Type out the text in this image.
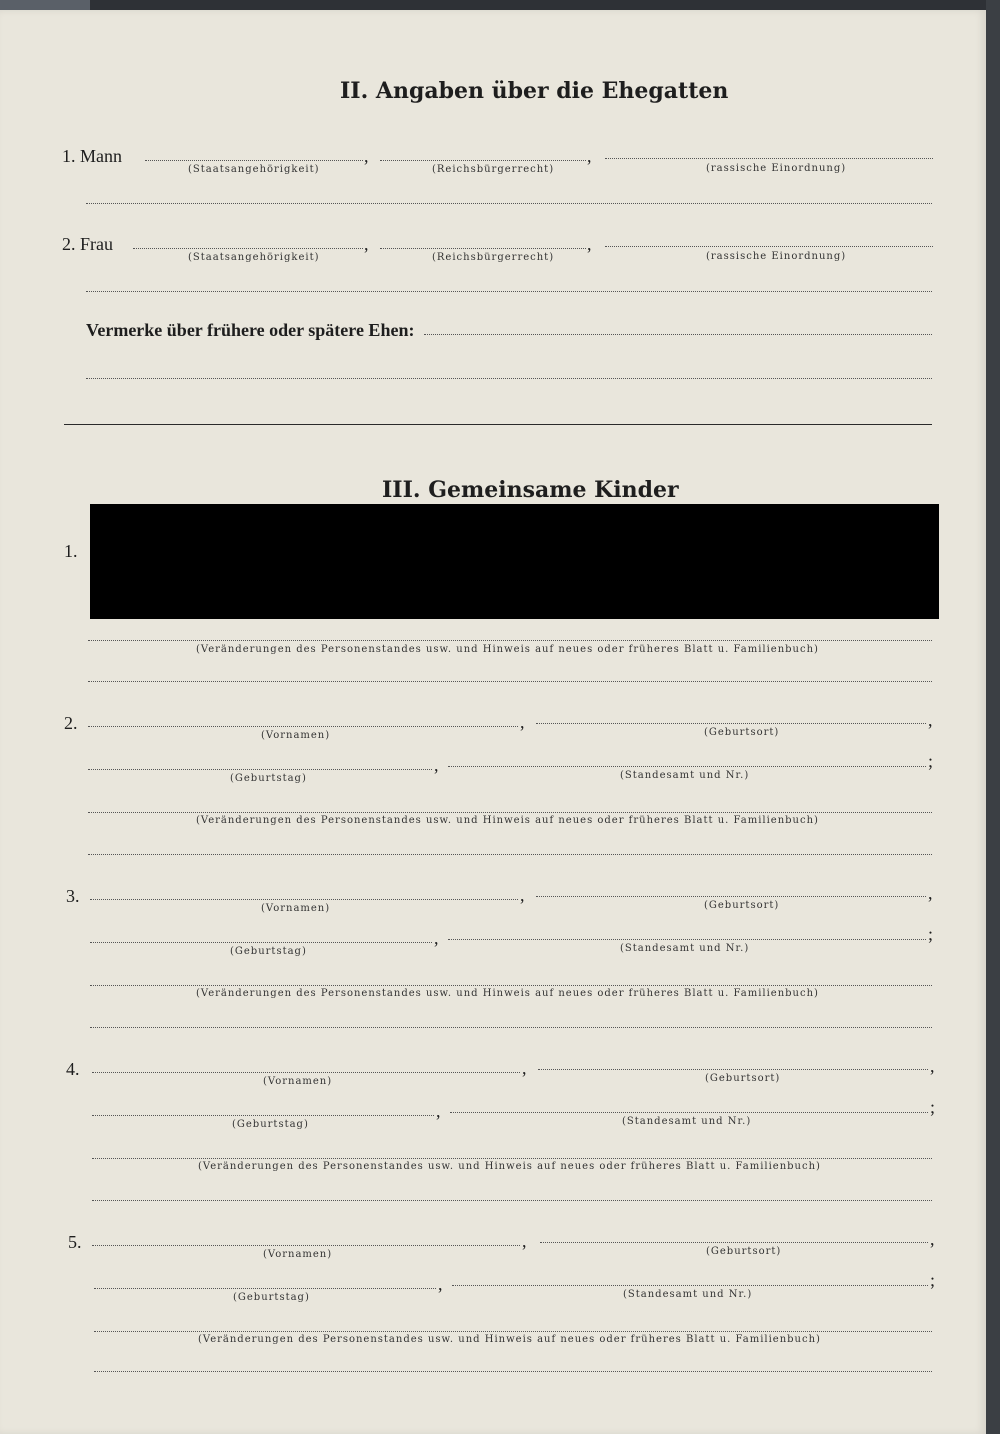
II. Angaben über die Ehegatten
1. Mann	,	,
(Staatsangehörigkeit)	(Reichsbürgerrecht)	(rassische Einordnung)
2. Frau	,	,
(Staatsangehörigkeit)	(Reichsbürgerrecht)	(rassische Einordnung)
Vermerke über frühere oder spätere Ehen:
III. Gemeinsame Kinder
1.
(Veränderungen des Personenstandes usw. und Hinweis auf neues oder früheres Blatt u. Familienbuch)
2.	,	,
(Vornamen)	(Geburtsort)
,	;
(Geburtstag)	(Standesamt und Nr.)
(Veränderungen des Personenstandes usw. und Hinweis auf neues oder früheres Blatt u. Familienbuch)
3.	,	,
(Vornamen)	(Geburtsort)
,	;
(Geburtstag)	(Standesamt und Nr.)
(Veränderungen des Personenstandes usw. und Hinweis auf neues oder früheres Blatt u. Familienbuch)
4.	,	,
(Vornamen)	(Geburtsort)
,	;
(Geburtstag)	(Standesamt und Nr.)
(Veränderungen des Personenstandes usw. und Hinweis auf neues oder früheres Blatt u. Familienbuch)
5.	,	,
(Vornamen)	(Geburtsort)
,	;
(Geburtstag)	(Standesamt und Nr.)
(Veränderungen des Personenstandes usw. und Hinweis auf neues oder früheres Blatt u. Familienbuch)
